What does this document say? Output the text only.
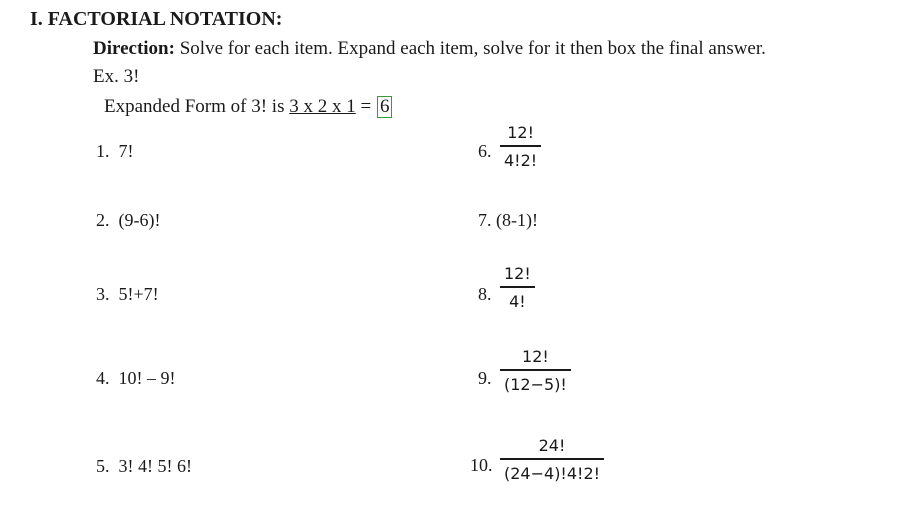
I. FACTORIAL NOTATION:
Direction: Solve for each item. Expand each item, solve for it then box the final answer.
Ex. 3!
Expanded Form of 3! is 3 x 2 x 1 = 6
1. 7!
2. (9-6)!
3. 5!+7!
4. 10! – 9!
5. 3! 4! 5! 6!
6.
12!
4!2!
7. (8-1)!
8.
12!
4!
9.
12!
(12−5)!
10.
24!
(24−4)!4!2!
